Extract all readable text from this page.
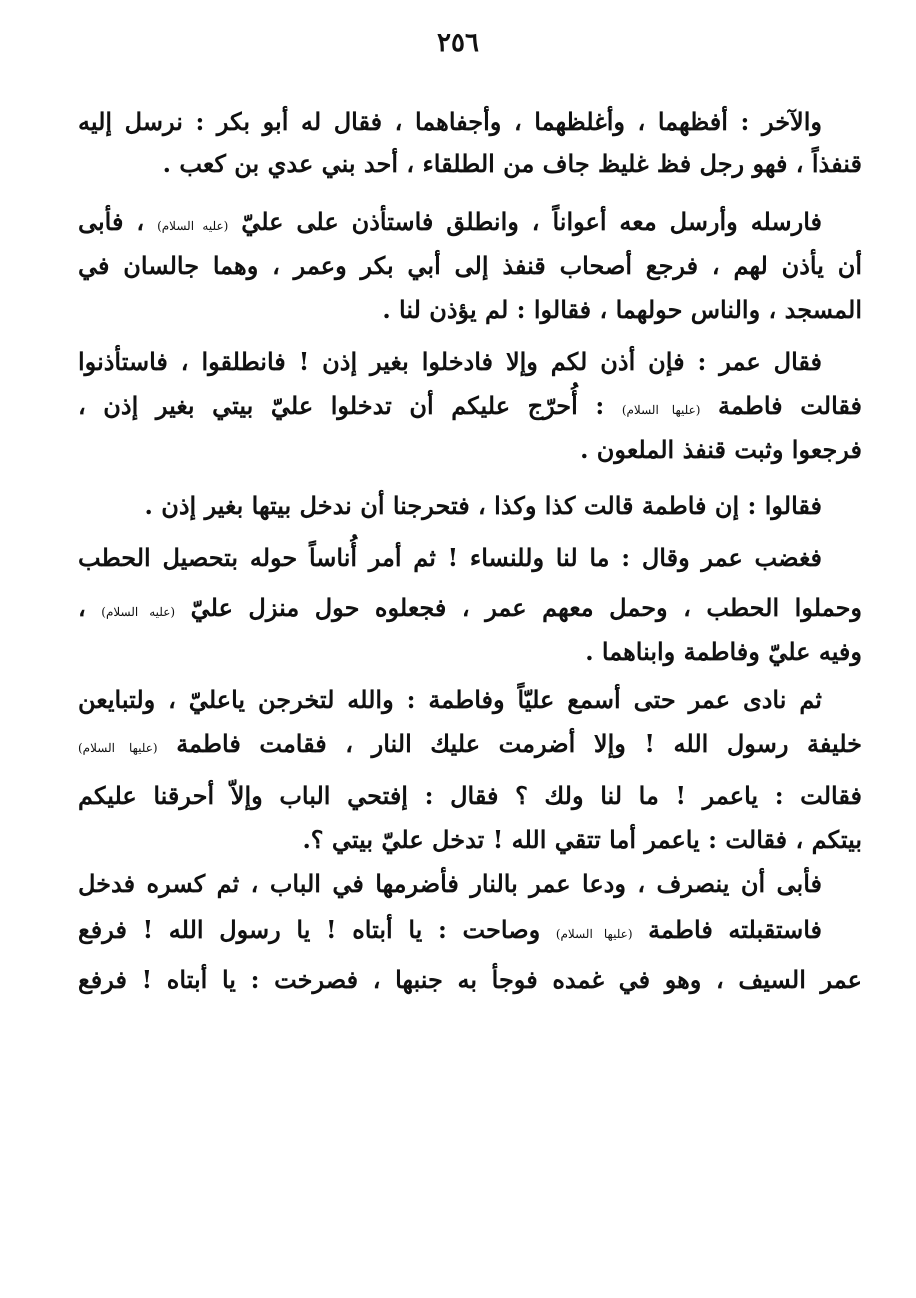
٢٥٦
والآخر : أفظهما ، وأغلظهما ، وأجفاهما ، فقال له أبو بكر : نرسل إليه
قنفذاً ، فهو رجل فظ غليظ جاف من الطلقاء ، أحد بني عدي بن كعب .
فارسله وأرسل معه أعواناً ، وانطلق فاستأذن على عليّ (عليه السلام) ، فأبى
أن يأذن لهم ، فرجع أصحاب قنفذ إلى أبي بكر وعمر ، وهما جالسان في
المسجد ، والناس حولهما ، فقالوا : لم يؤذن لنا .
فقال عمر : فإن أذن لكم وإلا فادخلوا بغير إذن ! فانطلقوا ، فاستأذنوا
فقالت فاطمة (عليها السلام) : أُحرّج عليكم أن تدخلوا عليّ بيتي بغير إذن ،
فرجعوا وثبت قنفذ الملعون .
فقالوا : إن فاطمة قالت كذا وكذا ، فتحرجنا أن ندخل بيتها بغير إذن .
فغضب عمر وقال : ما لنا وللنساء ! ثم أمر أُناساً حوله بتحصيل الحطب
وحملوا الحطب ، وحمل معهم عمر ، فجعلوه حول منزل عليّ (عليه السلام) ،
وفيه عليّ وفاطمة وابناهما .
ثم نادى عمر حتى أسمع عليّاً وفاطمة : والله لتخرجن ياعليّ ، ولتبايعن
خليفة رسول الله ! وإلا أضرمت عليك النار ، فقامت فاطمة (عليها السلام)
فقالت : ياعمر ! ما لنا ولك ؟ فقال : إفتحي الباب وإلاّ أحرقنا عليكم
بيتكم ، فقالت : ياعمر أما تتقي الله ! تدخل عليّ بيتي ؟.
فأبى أن ينصرف ، ودعا عمر بالنار فأضرمها في الباب ، ثم كسره فدخل
فاستقبلته فاطمة (عليها السلام) وصاحت : يا أبتاه ! يا رسول الله ! فرفع
عمر السيف ، وهو في غمده فوجأ به جنبها ، فصرخت : يا أبتاه ! فرفع
